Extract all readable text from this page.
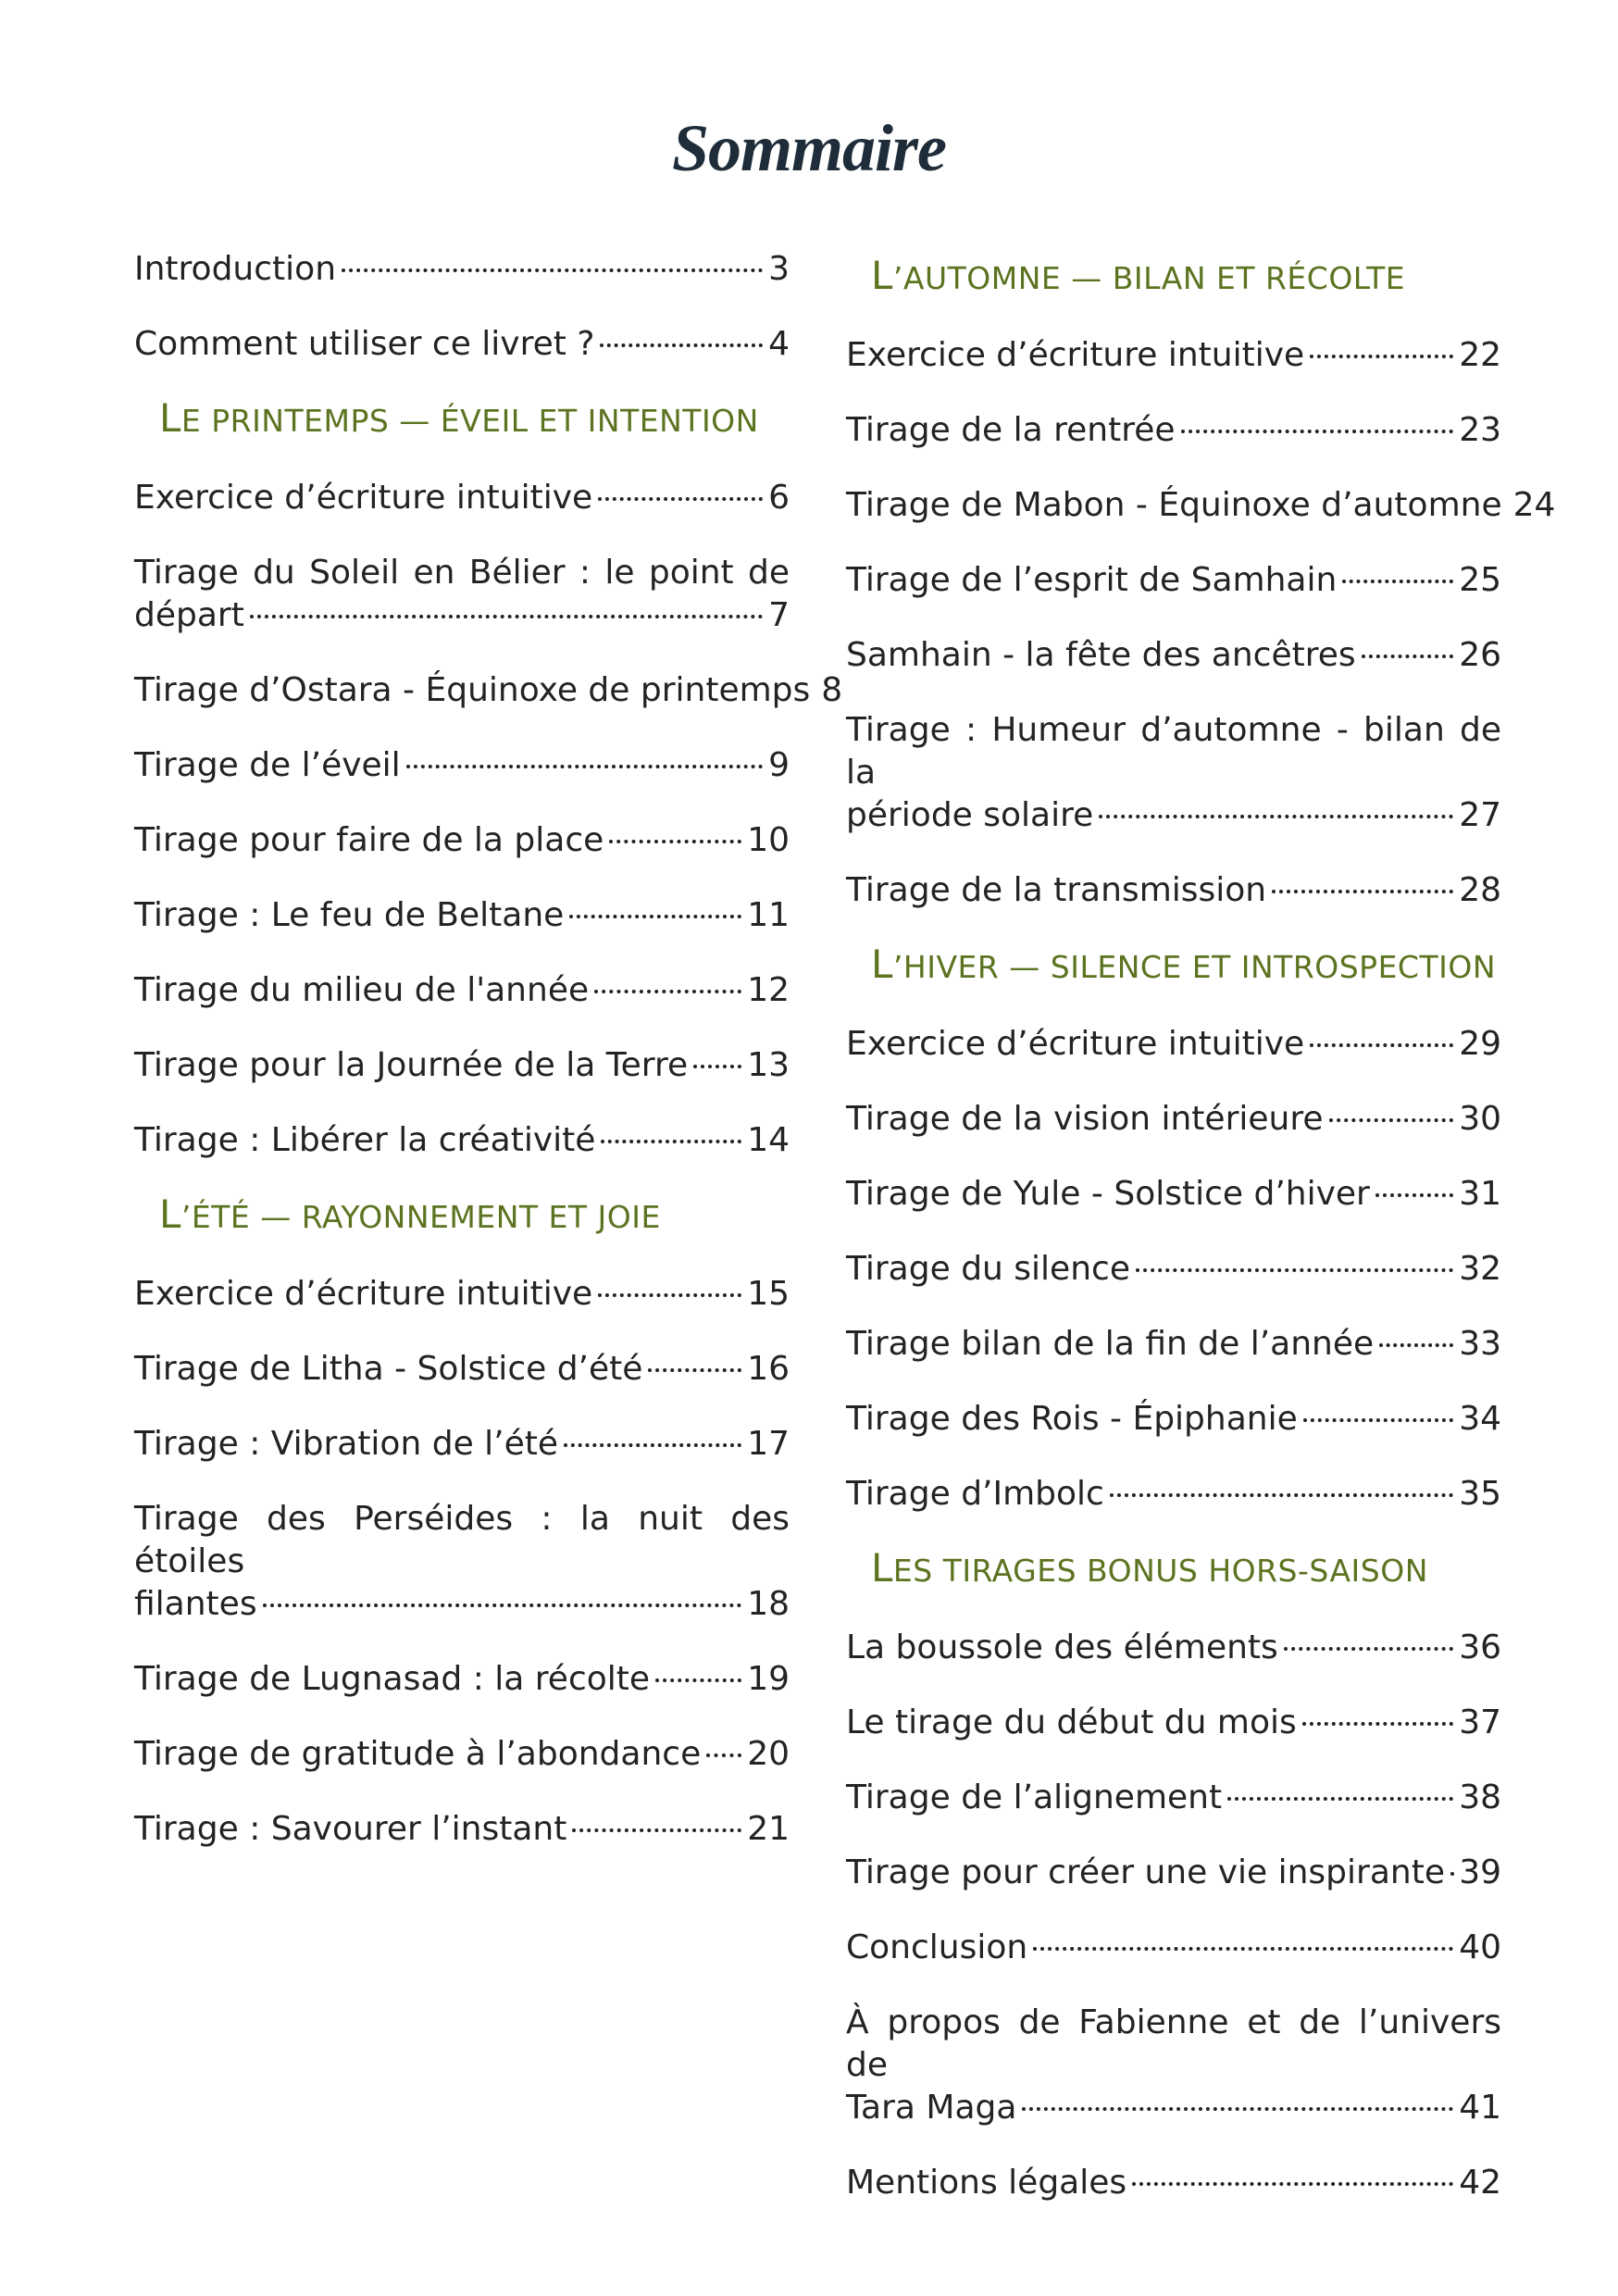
Sommaire
Introduction	3
Comment utiliser ce livret ?	4
LE PRINTEMPS — ÉVEIL ET INTENTION
Exercice d’écriture intuitive	6
Tirage du Soleil en Bélier : le point de
départ	7
Tirage d’Ostara - Équinoxe de printemps 8
Tirage de l’éveil	9
Tirage pour faire de la place	10
Tirage : Le feu de Beltane	11
Tirage du milieu de l'année	12
Tirage pour la Journée de la Terre 13
Tirage : Libérer la créativité	14
L’ÉTÉ — RAYONNEMENT ET JOIE
Exercice d’écriture intuitive	15
Tirage de Litha - Solstice d’été	16
Tirage : Vibration de l’été	17
Tirage des Perséides : la nuit des étoiles
filantes	18
Tirage de Lugnasad : la récolte	19
Tirage de gratitude à l’abondance 20
Tirage : Savourer l’instant	21
L’AUTOMNE — BILAN ET RÉCOLTE
Exercice d’écriture intuitive	22
Tirage de la rentrée	23
Tirage de Mabon - Équinoxe d’automne 24
Tirage de l’esprit de Samhain	25
Samhain - la fête des ancêtres	26
Tirage : Humeur d’automne - bilan de la
période solaire	27
Tirage de la transmission	28
L’HIVER — SILENCE ET INTROSPECTION
Exercice d’écriture intuitive	29
Tirage de la vision intérieure	30
Tirage de Yule - Solstice d’hiver	31
Tirage du silence	32
Tirage bilan de la fin de l’année	33
Tirage des Rois - Épiphanie	34
Tirage d’Imbolc	35
LES TIRAGES BONUS HORS-SAISON
La boussole des éléments	36
Le tirage du début du mois	37
Tirage de l’alignement	38
Tirage pour créer une vie inspirante 39
Conclusion	40
À propos de Fabienne et de l’univers de
Tara Maga	41
Mentions légales	42
